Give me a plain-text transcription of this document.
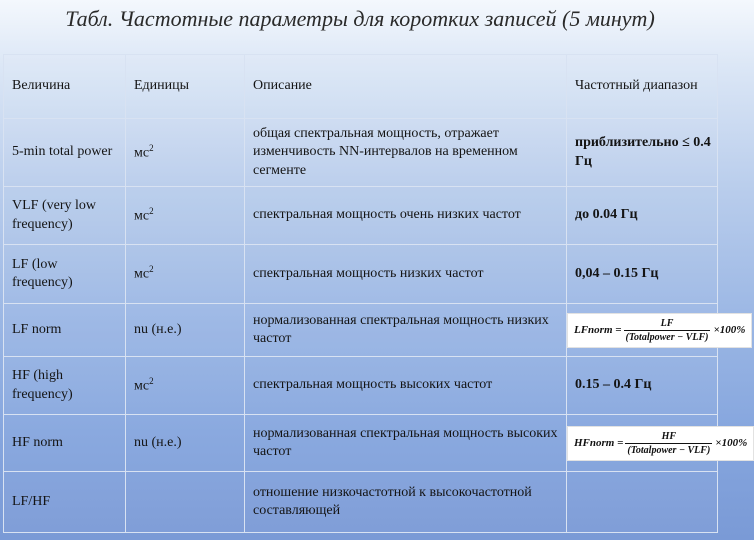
Табл. Частотные параметры для коротких записей (5 минут)
Величина	Единицы	Описание	Частотный диапазон
5-min total power	$мс^2$	общая спектральная мощность, отражает изменчивость NN-интервалов на временном сегменте	приблизительно ≤ 0.4 Гц
VLF (very low frequency)	$мс^2$	спектральная мощность очень низких частот	до 0.04 Гц
LF (low frequency)	$мс^2$	спектральная мощность низких частот	0,04 – 0.15 Гц
LF norm	nu (н.е.)	нормализованная спектральная мощность низких частот	LFnorm = $\frac{LF}{\text{(Totalpower − VLF)}} \times 100\%$

HF (high frequency)	$мс^2$	спектральная мощность высоких частот	0.15 – 0.4 Гц
HF norm	nu (н.е.)	нормализованная спектральная мощность высоких частот	HFnorm = $\frac{HF}{\text{(Totalpower − VLF)}} \times 100\%$

LF/HF		отношение низкочастотной к высокочастотной составляющей	
